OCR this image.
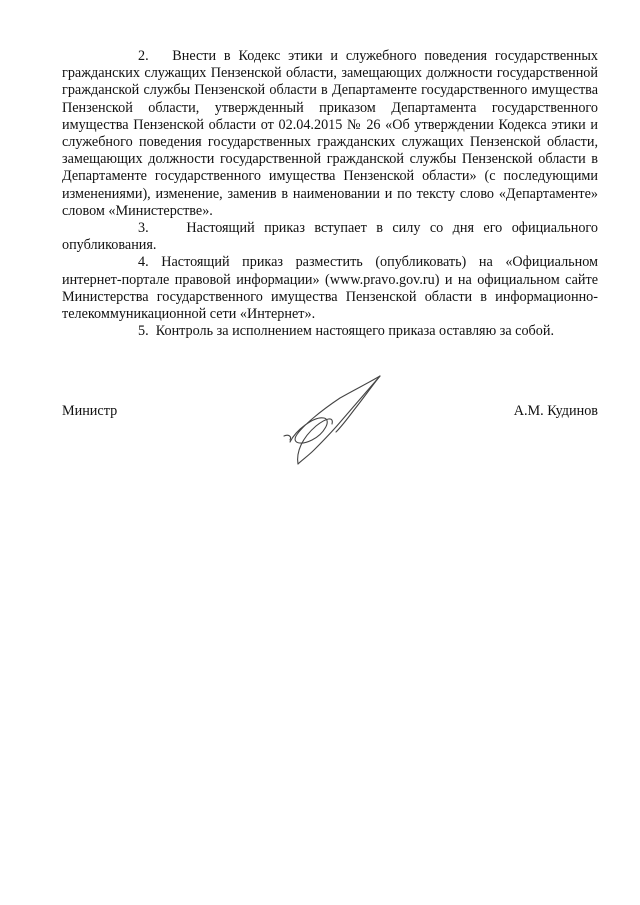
2. Внести в Кодекс этики и служебного поведения государственных гражданских служащих Пензенской области, замещающих должности государственной гражданской службы Пензенской области в Департаменте государственного имущества Пензенской области, утвержденный приказом Департамента государственного имущества Пензенской области от 02.04.2015 № 26 «Об утверждении Кодекса этики и служебного поведения государственных гражданских служащих Пензенской области, замещающих должности государственной гражданской службы Пензенской области в Департаменте государственного имущества Пензенской области» (с последующими изменениями), изменение, заменив в наименовании и по тексту слово «Департаменте» словом «Министерстве».

3.	Настоящий приказ вступает в силу со дня его официального опубликования.

4. Настоящий приказ разместить (опубликовать) на «Официальном интернет-портале правовой информации» (www.pravo.gov.ru) и на официальном сайте Министерства государственного имущества Пензенской области в информационно-телекоммуникационной сети «Интернет».

5. Контроль за исполнением настоящего приказа оставляю за собой.

Министр	А.М. Кудинов
